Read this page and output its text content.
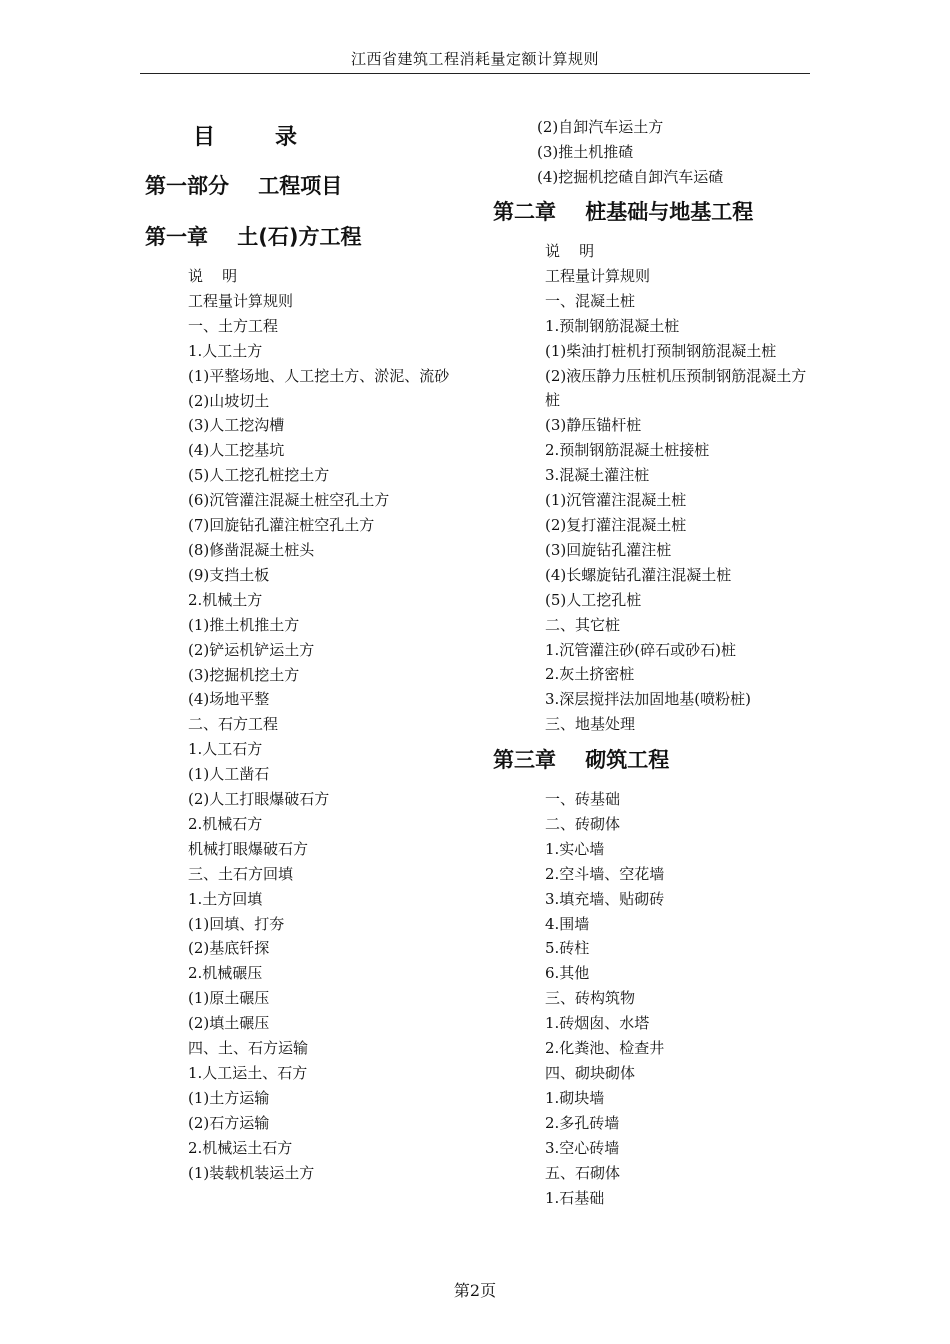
江西省建筑工程消耗量定额计算规则
目录
第一部分    工程项目
第一章    土(石)方工程
说    明
工程量计算规则
一、土方工程
1.人工土方
(1)平整场地、人工挖土方、淤泥、流砂
(2)山坡切土
(3)人工挖沟槽
(4)人工挖基坑
(5)人工挖孔桩挖土方
(6)沉管灌注混凝土桩空孔土方
(7)回旋钻孔灌注桩空孔土方
(8)修凿混凝土桩头
(9)支挡土板
2.机械土方
(1)推土机推土方
(2)铲运机铲运土方
(3)挖掘机挖土方
(4)场地平整
二、石方工程
1.人工石方
(1)人工凿石
(2)人工打眼爆破石方
2.机械石方
机械打眼爆破石方
三、土石方回填
1.土方回填
(1)回填、打夯
(2)基底钎探
2.机械碾压
(1)原土碾压
(2)填土碾压
四、土、石方运输
1.人工运土、石方
(1)土方运输
(2)石方运输
2.机械运土石方
(1)装载机装运土方
(2)自卸汽车运土方
(3)推土机推碴
(4)挖掘机挖碴自卸汽车运碴
第二章    桩基础与地基工程
说    明
工程量计算规则
一、混凝土桩
1.预制钢筋混凝土桩
(1)柴油打桩机打预制钢筋混凝土桩
(2)液压静力压桩机压预制钢筋混凝土方桩
(3)静压锚杆桩
2.预制钢筋混凝土桩接桩
3.混凝土灌注桩
(1)沉管灌注混凝土桩
(2)复打灌注混凝土桩
(3)回旋钻孔灌注桩
(4)长螺旋钻孔灌注混凝土桩
(5)人工挖孔桩
二、其它桩
1.沉管灌注砂(碎石或砂石)桩
2.灰土挤密桩
3.深层搅拌法加固地基(喷粉桩)
三、地基处理
第三章    砌筑工程
一、砖基础
二、砖砌体
1.实心墙
2.空斗墙、空花墙
3.填充墙、贴砌砖
4.围墙
5.砖柱
6.其他
三、砖构筑物
1.砖烟囱、水塔
2.化粪池、检查井
四、砌块砌体
1.砌块墙
2.多孔砖墙
3.空心砖墙
五、石砌体
1.石基础
第2页
